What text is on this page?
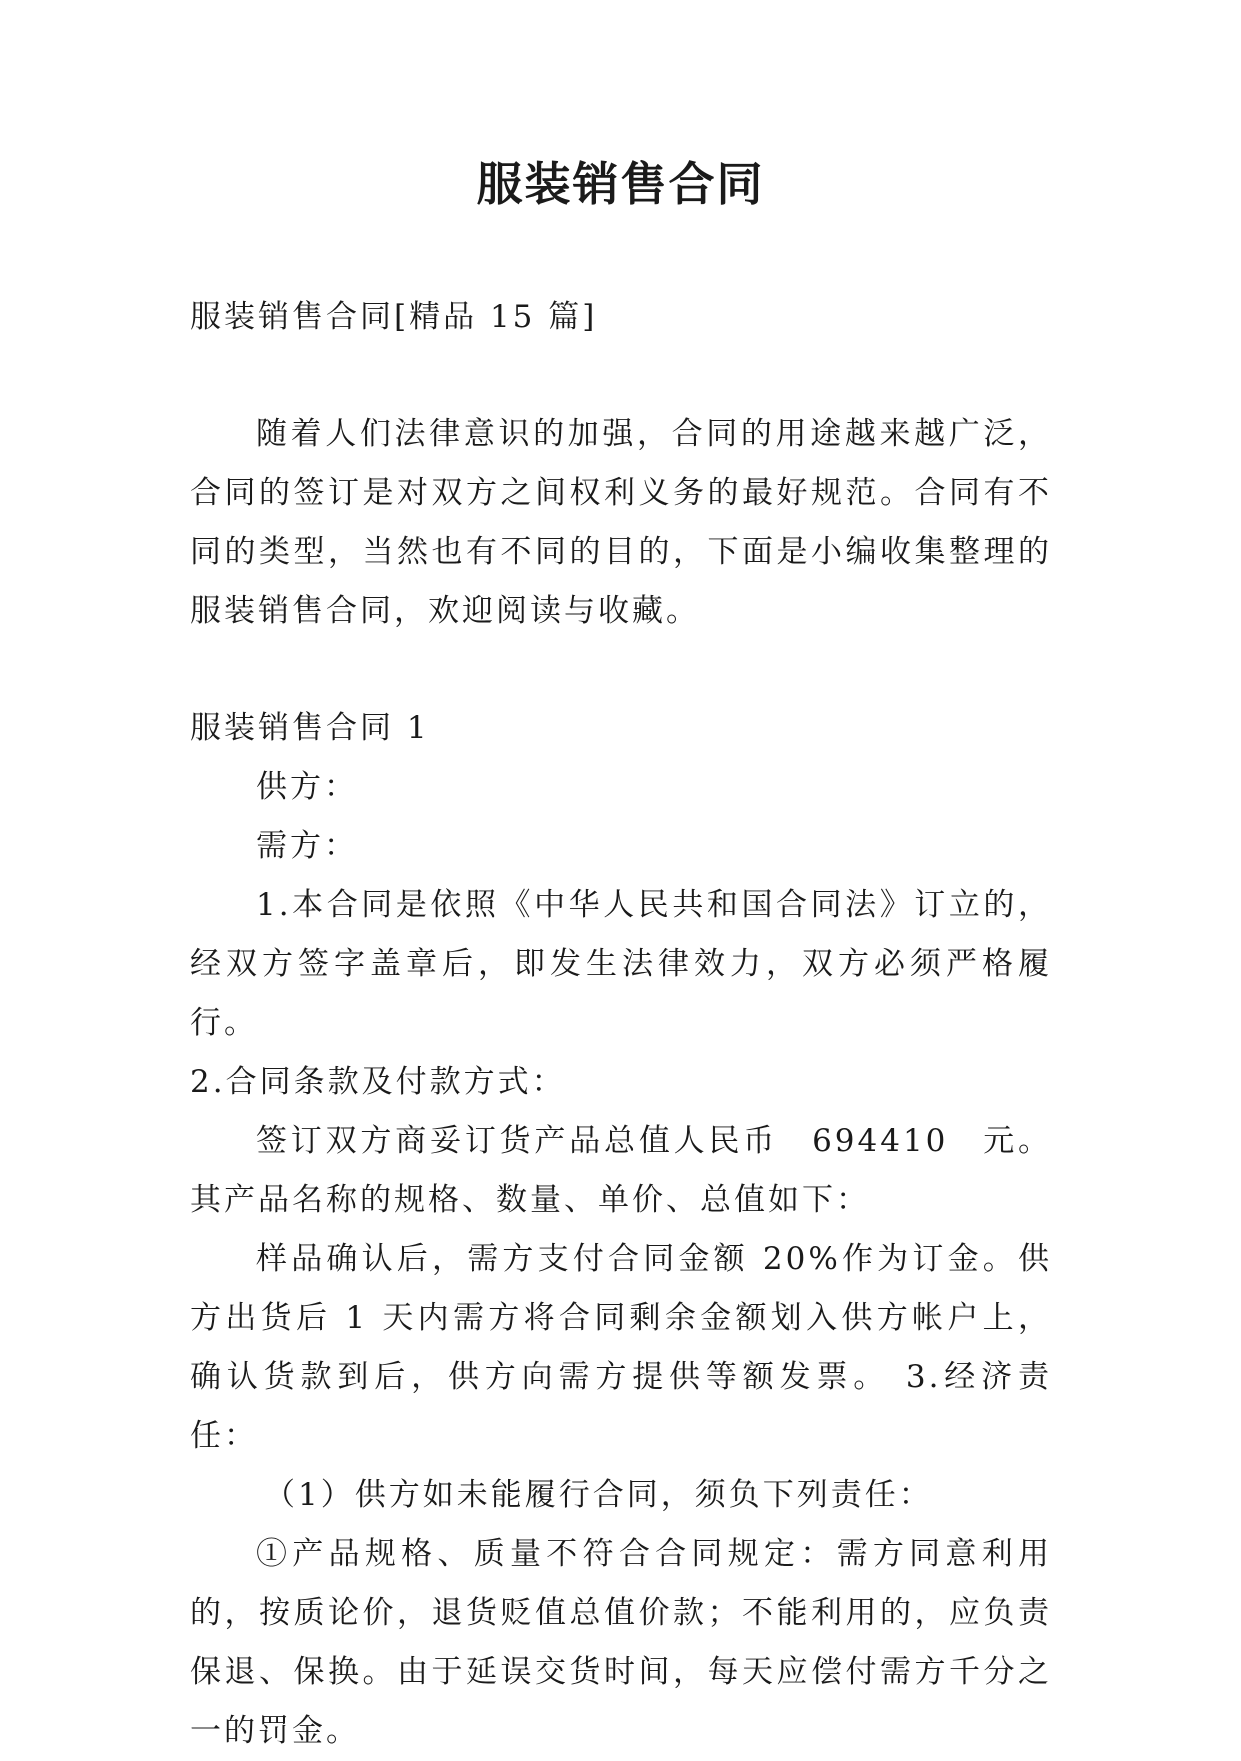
服装销售合同

服装销售合同[精品 15 篇]

随着人们法律意识的加强，合同的用途越来越广泛，合同的签订是对双方之间权利义务的最好规范。合同有不同的类型，当然也有不同的目的，下面是小编收集整理的服装销售合同，欢迎阅读与收藏。

服装销售合同 1

供方：

需方：

1.本合同是依照《中华人民共和国合同法》订立的，经双方签字盖章后，即发生法律效力，双方必须严格履行。

2.合同条款及付款方式：

签订双方商妥订货产品总值人民币 694410 元。其产品名称的规格、数量、单价、总值如下：

样品确认后，需方支付合同金额 20%作为订金。供方出货后 1 天内需方将合同剩余金额划入供方帐户上，确认货款到后，供方向需方提供等额发票。 3.经济责任：

（1）供方如未能履行合同，须负下列责任：

①产品规格、质量不符合合同规定：需方同意利用的，按质论价，退货贬值总值价款；不能利用的，应负责保退、保换。由于延误交货时间，每天应偿付需方千分之一的罚金。
